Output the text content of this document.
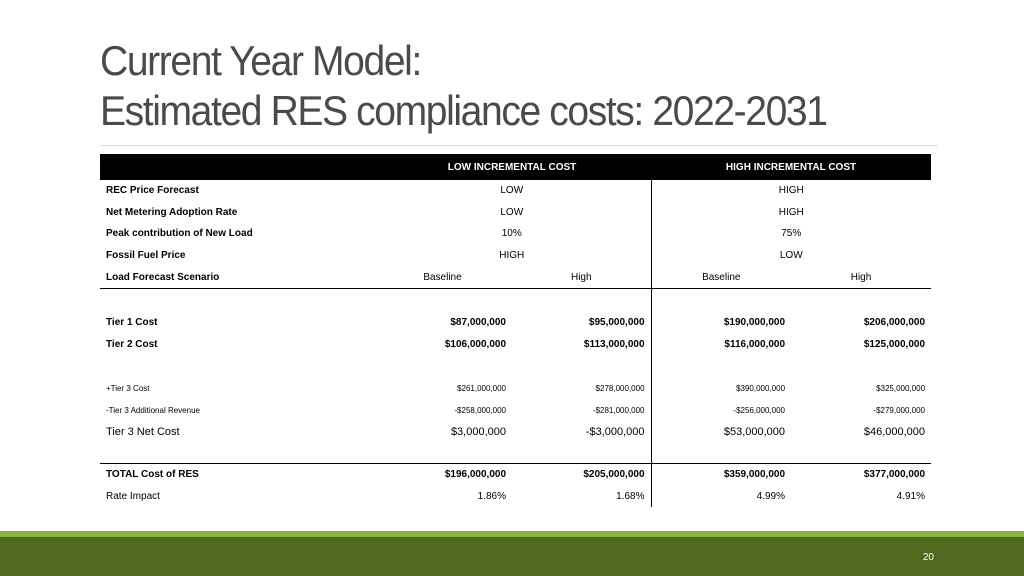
Current Year Model:
Estimated RES compliance costs: 2022-2031
	LOW INCREMENTAL COST		HIGH INCREMENTAL COST	
REC Price Forecast	LOW		HIGH	
Net Metering Adoption Rate	LOW		HIGH	
Peak contribution of New Load	10%		75%	
Fossil Fuel Price	HIGH		LOW	
Load Forecast Scenario	Baseline	High	Baseline	High

Tier 1 Cost	$87,000,000	$95,000,000	$190,000,000	$206,000,000
Tier 2 Cost	$106,000,000	$113,000,000	$116,000,000	$125,000,000

+Tier 3 Cost	$261,000,000	$278,000,000	$390,000,000	$325,000,000
-Tier 3 Additional Revenue	-$258,000,000	-$281,000,000	-$256,000,000	-$279,000,000
Tier 3 Net Cost	$3,000,000	-$3,000,000	$53,000,000	$46,000,000

TOTAL Cost of RES	$196,000,000	$205,000,000	$359,000,000	$377,000,000
Rate Impact	1.86%	1.68%	4.99%	4.91%
20
